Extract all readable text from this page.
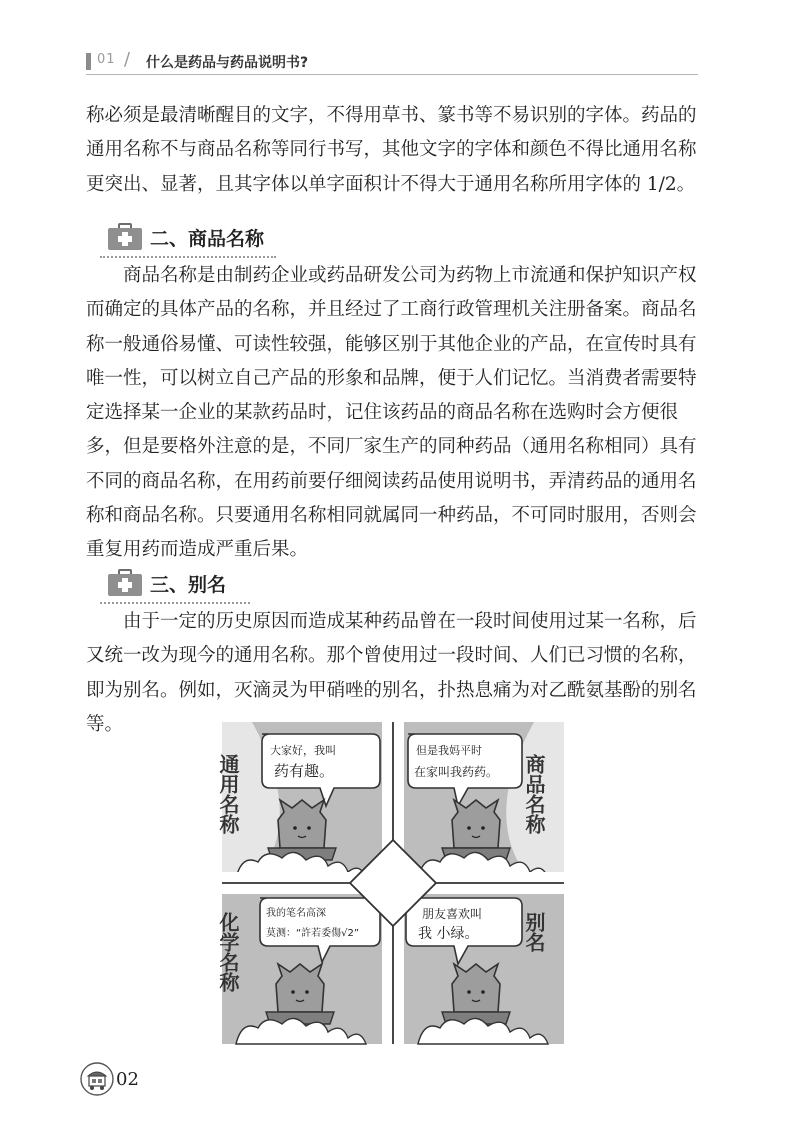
01 / 什么是药品与药品说明书?

称必须是最清晰醒目的文字，不得用草书、篆书等不易识别的字体。药品的通用名称不与商品名称等同行书写，其他文字的字体和颜色不得比通用名称更突出、显著，且其字体以单字面积计不得大于通用名称所用字体的 1/2。

二、商品名称

商品名称是由制药企业或药品研发公司为药物上市流通和保护知识产权而确定的具体产品的名称，并且经过了工商行政管理机关注册备案。商品名称一般通俗易懂、可读性较强，能够区别于其他企业的产品，在宣传时具有唯一性，可以树立自己产品的形象和品牌，便于人们记忆。当消费者需要特定选择某一企业的某款药品时，记住该药品的商品名称在选购时会方便很多，但是要格外注意的是，不同厂家生产的同种药品（通用名称相同）具有不同的商品名称，在用药前要仔细阅读药品使用说明书，弄清药品的通用名称和商品名称。只要通用名称相同就属同一种药品，不可同时服用，否则会重复用药而造成严重后果。

三、别名

由于一定的历史原因而造成某种药品曾在一段时间使用过某一名称，后又统一改为现今的通用名称。那个曾使用过一段时间、人们已习惯的名称，即为别名。例如，灭滴灵为甲硝唑的别名，扑热息痛为对乙酰氨基酚的别名等。

通用名称
大家好，我叫
药有趣。	商品名称
但是我妈平时
在家叫我药药。
化学名称	我的笔名高深
莫测：“許若委傷√2”	别名
朋友喜欢叫
我 小绿。
02
